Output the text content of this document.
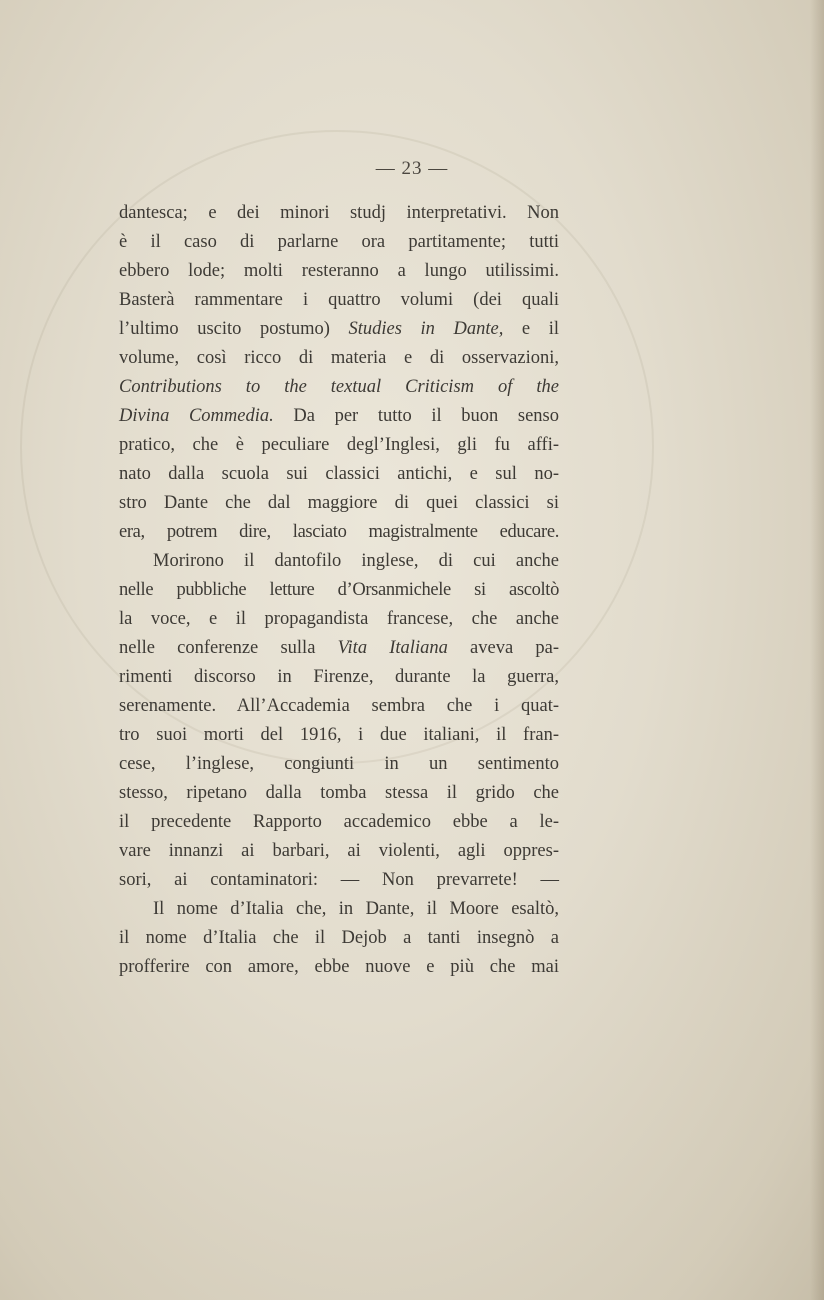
— 23 —
dantesca; e dei minori studj interpretativi. Non
è il caso di parlarne ora partitamente; tutti
ebbero lode; molti resteranno a lungo utilissimi.
Basterà rammentare i quattro volumi (dei quali
l’ultimo uscito postumo) Studies in Dante, e il
volume, così ricco di materia e di osservazioni,
Contributions to the textual Criticism of the
Divina Commedia. Da per tutto il buon senso
pratico, che è peculiare degl’Inglesi, gli fu affi-
nato dalla scuola sui classici antichi, e sul no-
stro Dante che dal maggiore di quei classici si
era, potrem dire, lasciato magistralmente educare.
Morirono il dantofilo inglese, di cui anche
nelle pubbliche letture d’Orsanmichele si ascoltò
la voce, e il propagandista francese, che anche
nelle conferenze sulla Vita Italiana aveva pa-
rimenti discorso in Firenze, durante la guerra,
serenamente. All’Accademia sembra che i quat-
tro suoi morti del 1916, i due italiani, il fran-
cese, l’inglese, congiunti in un sentimento
stesso, ripetano dalla tomba stessa il grido che
il precedente Rapporto accademico ebbe a le-
vare innanzi ai barbari, ai violenti, agli oppres-
sori, ai contaminatori: — Non prevarrete! —
Il nome d’Italia che, in Dante, il Moore esaltò,
il nome d’Italia che il Dejob a tanti insegnò a
profferire con amore, ebbe nuove e più che mai
